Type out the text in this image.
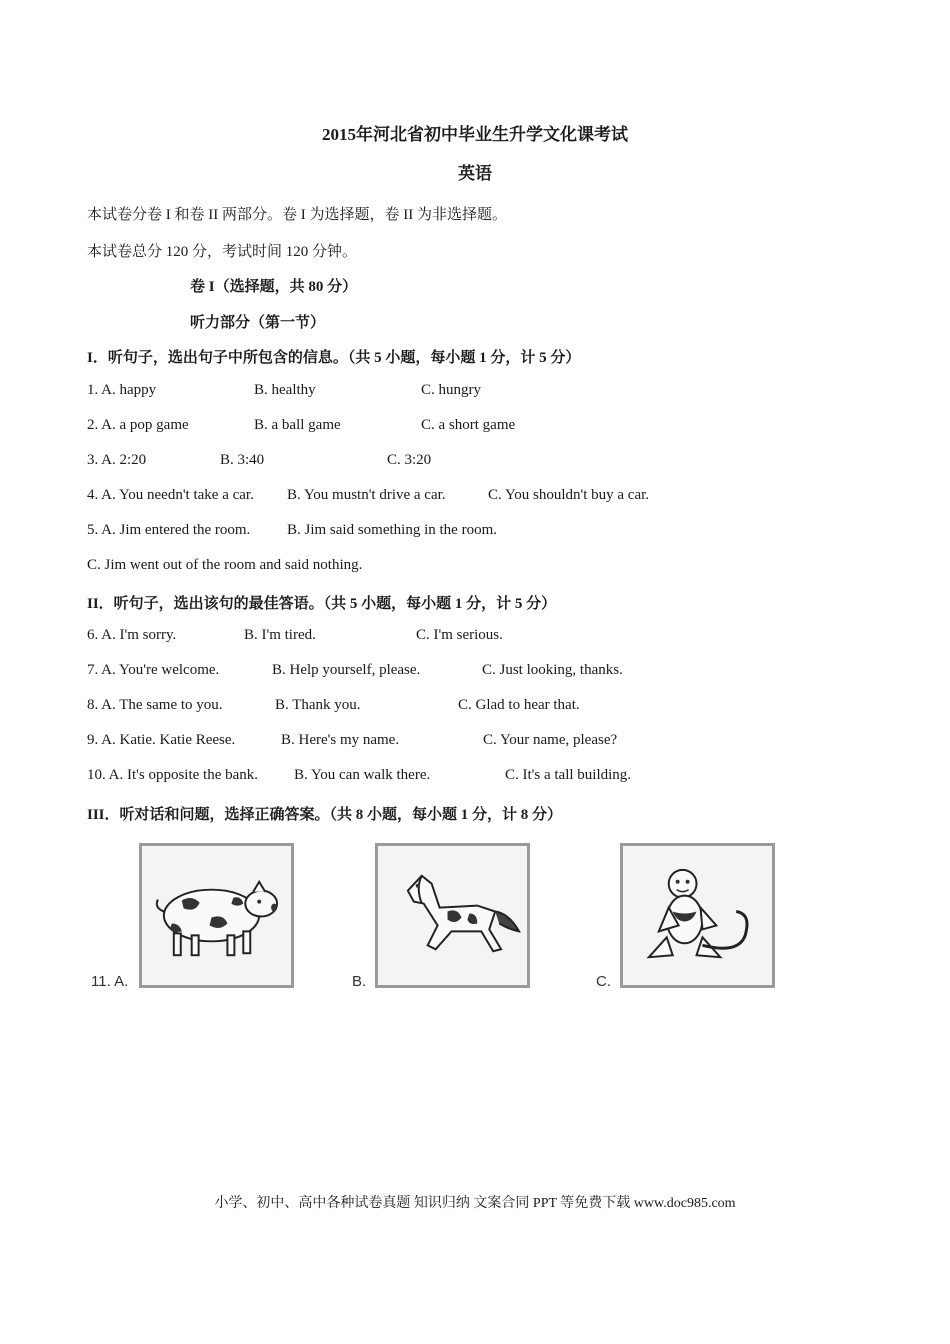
2015年河北省初中毕业生升学文化课考试
英语
本试卷分卷 I 和卷 II 两部分。卷 I 为选择题，卷 II 为非选择题。
本试卷总分 120 分，考试时间 120 分钟。
卷 I（选择题，共 80 分）
听力部分（第一节）
I．听句子，选出句子中所包含的信息。（共 5 小题，每小题 1 分，计 5 分）
1. A. happy	B. healthy	C. hungry
2. A. a pop game	B. a ball game	C. a short game
3. A. 2:20	B. 3:40	C. 3:20
4. A. You needn't take a car. B. You mustn't drive a car.	C. You shouldn't buy a car.
5. A. Jim entered the room. B. Jim said something in the room.
C. Jim went out of the room and said nothing.
II．听句子，选出该句的最佳答语。（共 5 小题，每小题 1 分，计 5 分）
6. A. I'm sorry.	B. I'm tired.	C. I'm serious.
7. A. You're welcome.	B. Help yourself, please.	C. Just looking, thanks.
8. A. The same to you.	B. Thank you.	C. Glad to hear that.
9. A. Katie. Katie Reese.	B. Here's my name.	C. Your name, please?
10. A. It's opposite the bank. B. You can walk there.	C. It's a tall building.
III．听对话和问题，选择正确答案。（共 8 小题，每小题 1 分，计 8 分）
11. A.	B.	C.
小学、初中、高中各种试卷真题 知识归纳 文案合同 PPT 等免费下载 www.doc985.com
